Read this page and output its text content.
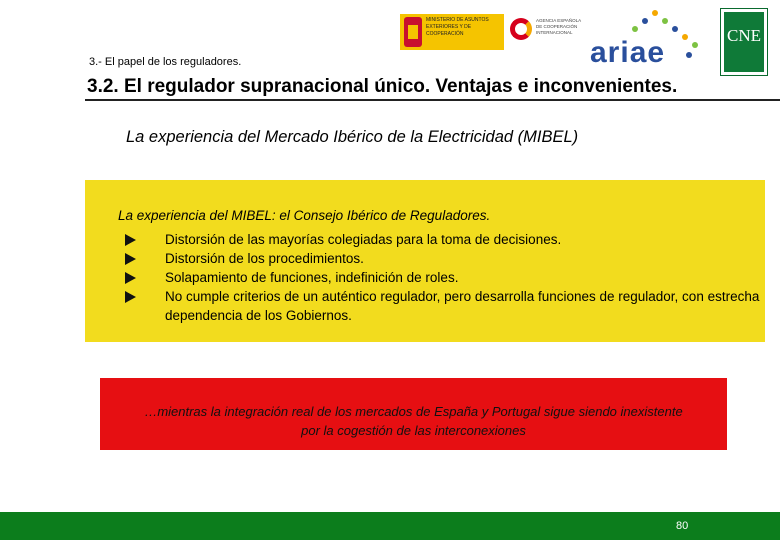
MINISTERIO DE ASUNTOS EXTERIORES Y DE COOPERACIÓN
AGENCIA ESPAÑOLA DE COOPERACIÓN INTERNACIONAL
ariae
CNE
3.- El papel de los reguladores.
3.2. El regulador supranacional único. Ventajas e inconvenientes.
La experiencia del Mercado Ibérico de la Electricidad (MIBEL)
La experiencia del MIBEL: el Consejo Ibérico de Reguladores.
Distorsión de las mayorías colegiadas para la toma de decisiones.
Distorsión de los procedimientos.
Solapamiento de funciones, indefinición de roles.
No cumple criterios de un auténtico regulador, pero desarrolla funciones de regulador, con estrecha dependencia de los Gobiernos.
…mientras la integración real de los mercados de España y Portugal sigue siendo inexistente
por la cogestión de las interconexiones
80
